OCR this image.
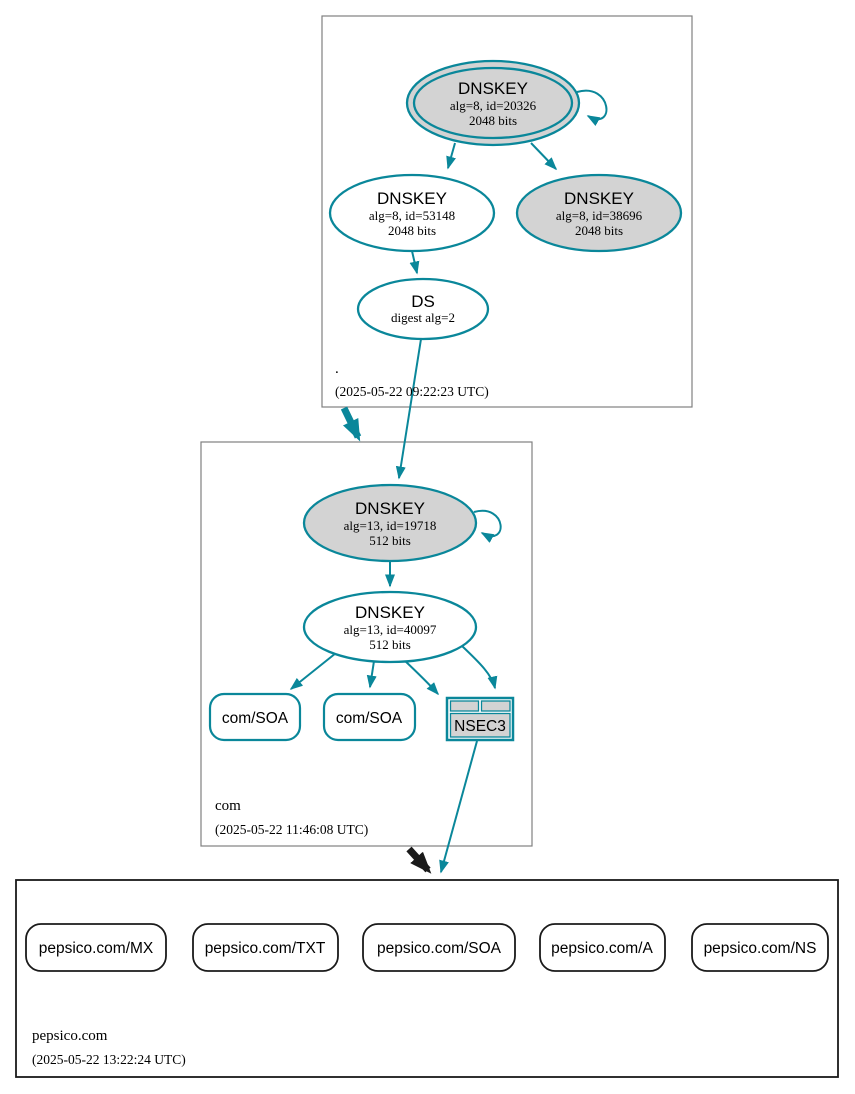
DNSKEY
alg=8, id=20326
2048 bits
DNSKEY
alg=8, id=53148
2048 bits
DNSKEY
alg=8, id=38696
2048 bits
DS
digest alg=2
.
(2025-05-22 09:22:23 UTC)
DNSKEY
alg=13, id=19718
512 bits
DNSKEY
alg=13, id=40097
512 bits
com/SOA	com/SOA	NSEC3
com
(2025-05-22 11:46:08 UTC)
pepsico.com/MX	pepsico.com/TXT	pepsico.com/SOA	pepsico.com/A	pepsico.com/NS
pepsico.com
(2025-05-22 13:22:24 UTC)
